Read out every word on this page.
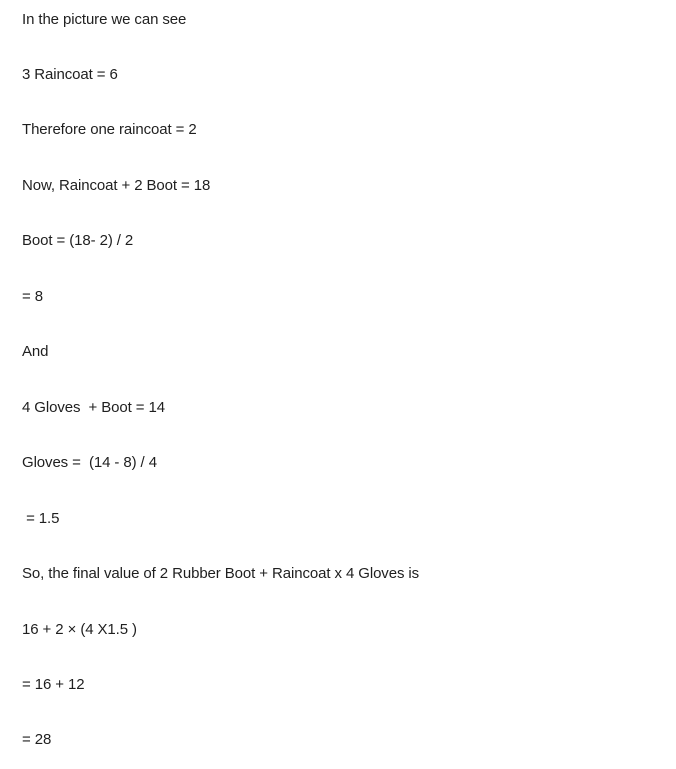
In the picture we can see
3 Raincoat = 6
Therefore one raincoat = 2
Now, Raincoat + 2 Boot = 18
Boot = (18- 2) / 2
= 8
And
4 Gloves  + Boot = 14
Gloves =  (14 - 8) / 4
= 1.5
So, the final value of 2 Rubber Boot + Raincoat x 4 Gloves is
16 + 2 × (4 X1.5 )
= 16 + 12
= 28
